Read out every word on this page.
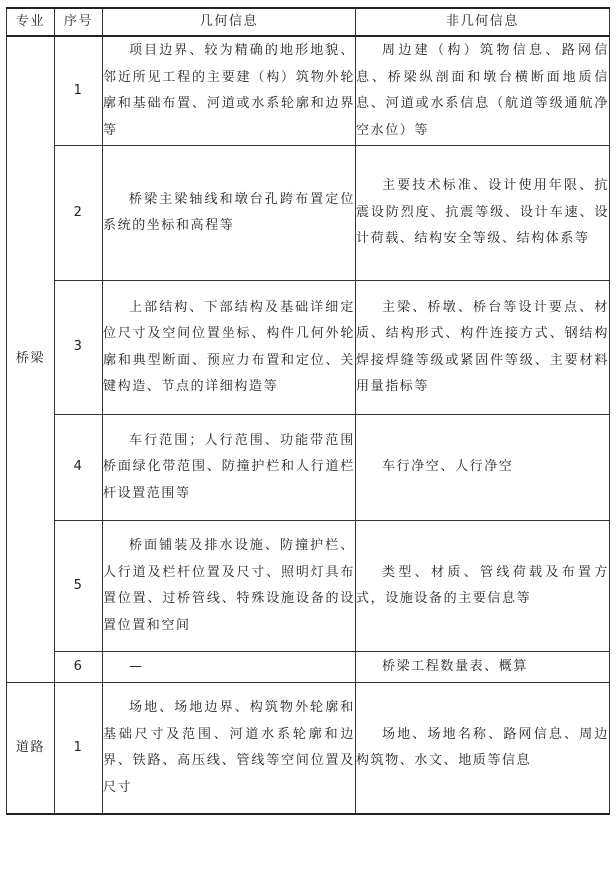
专业	序号	几何信息	非几何信息
桥梁	1	项目边界、较为精确的地形地貌、邻近所见工程的主要建（构）筑物外轮廓和基础布置、河道或水系轮廓和边界等	周边建（构）筑物信息、路网信息、桥梁纵剖面和墩台横断面地质信息、河道或水系信息（航道等级通航净空水位）等

	2	桥梁主梁轴线和墩台孔跨布置定位系统的坐标和高程等	主要技术标准、设计使用年限、抗震设防烈度、抗震等级、设计车速、设计荷载、结构安全等级、结构体系等

	3	上部结构、下部结构及基础详细定位尺寸及空间位置坐标、构件几何外轮廓和典型断面、预应力布置和定位、关键构造、节点的详细构造等	主梁、桥墩、桥台等设计要点、材质、结构形式、构件连接方式、钢结构焊接焊缝等级或紧固件等级、主要材料用量指标等

	4	车行范围；人行范围、功能带范围桥面绿化带范围、防撞护栏和人行道栏杆设置范围等	车行净空、人行净空

	5	桥面铺装及排水设施、防撞护栏、人行道及栏杆位置及尺寸、照明灯具布置位置、过桥管线、特殊设施设备的设置位置和空间	类型、材质、管线荷载及布置方式，设施设备的主要信息等

	6	—	桥梁工程数量表、概算

道路	1	场地、场地边界、构筑物外轮廓和基础尺寸及范围、河道水系轮廓和边界、铁路、高压线、管线等空间位置及尺寸	场地、场地名称、路网信息、周边构筑物、水文、地质等信息
